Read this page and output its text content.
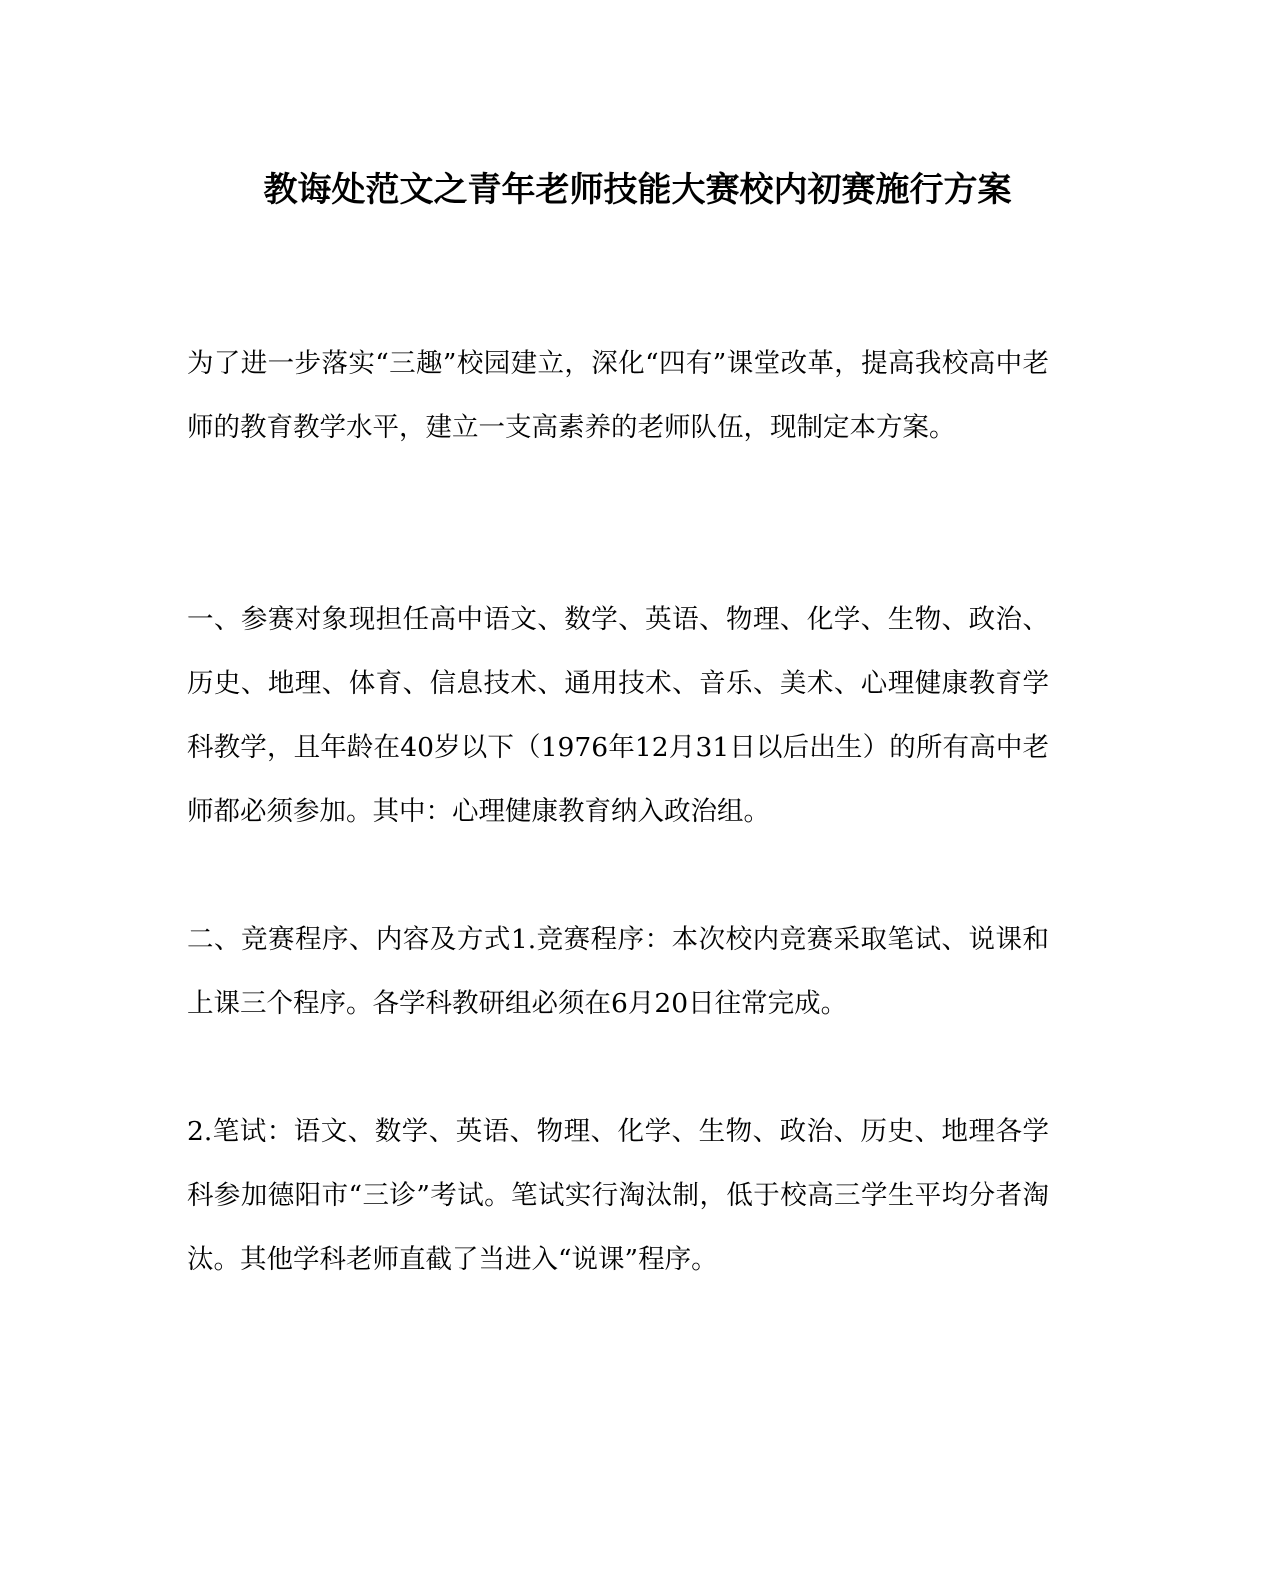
教诲处范文之青年老师技能大赛校内初赛施行方案

为了进一步落实“三趣”校园建立，深化“四有”课堂改革，提高我校高中老师的教育教学水平，建立一支高素养的老师队伍，现制定本方案。

一、参赛对象现担任高中语文、数学、英语、物理、化学、生物、政治、历史、地理、体育、信息技术、通用技术、音乐、美术、心理健康教育学科教学，且年龄在40岁以下（1976年12月31日以后出生）的所有高中老师都必须参加。其中：心理健康教育纳入政治组。

二、竞赛程序、内容及方式1.竞赛程序：本次校内竞赛采取笔试、说课和上课三个程序。各学科教研组必须在6月20日往常完成。

2.笔试：语文、数学、英语、物理、化学、生物、政治、历史、地理各学科参加德阳市“三诊”考试。笔试实行淘汰制，低于校高三学生平均分者淘汰。其他学科老师直截了当进入“说课”程序。
